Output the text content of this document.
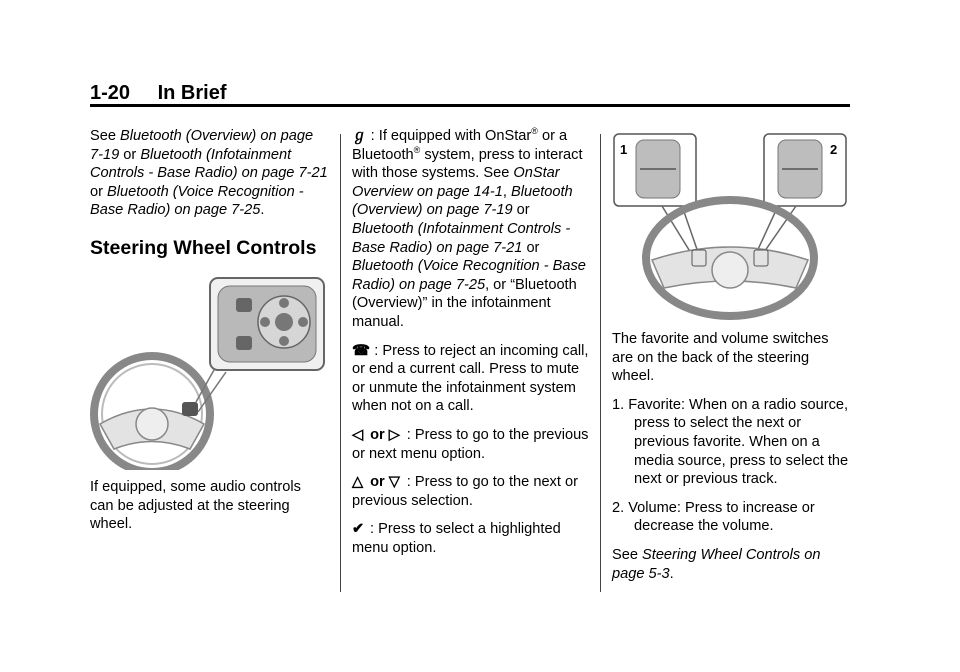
1-20 In Brief

See Bluetooth (Overview) on page 7-19 or Bluetooth (Infotainment Controls - Base Radio) on page 7-21 or Bluetooth (Voice Recognition - Base Radio) on page 7-25.

Steering Wheel Controls

If equipped, some audio controls can be adjusted at the steering wheel.

ℊ : If equipped with OnStar® or a Bluetooth® system, press to interact with those systems. See OnStar Overview on page 14-1, Bluetooth (Overview) on page 7-19 or Bluetooth (Infotainment Controls - Base Radio) on page 7-21 or Bluetooth (Voice Recognition - Base Radio) on page 7-25, or “Bluetooth (Overview)” in the infotainment manual.

☎ : Press to reject an incoming call, or end a current call. Press to mute or unmute the infotainment system when not on a call.

◁ or ▷ : Press to go to the previous or next menu option.

△ or ▽ : Press to go to the next or previous selection.

✔ : Press to select a highlighted menu option.

1	2

The favorite and volume switches are on the back of the steering wheel.

1. Favorite: When on a radio source, press to select the next or previous favorite. When on a media source, press to select the next or previous track.
2. Volume: Press to increase or decrease the volume.

See Steering Wheel Controls on page 5-3.
